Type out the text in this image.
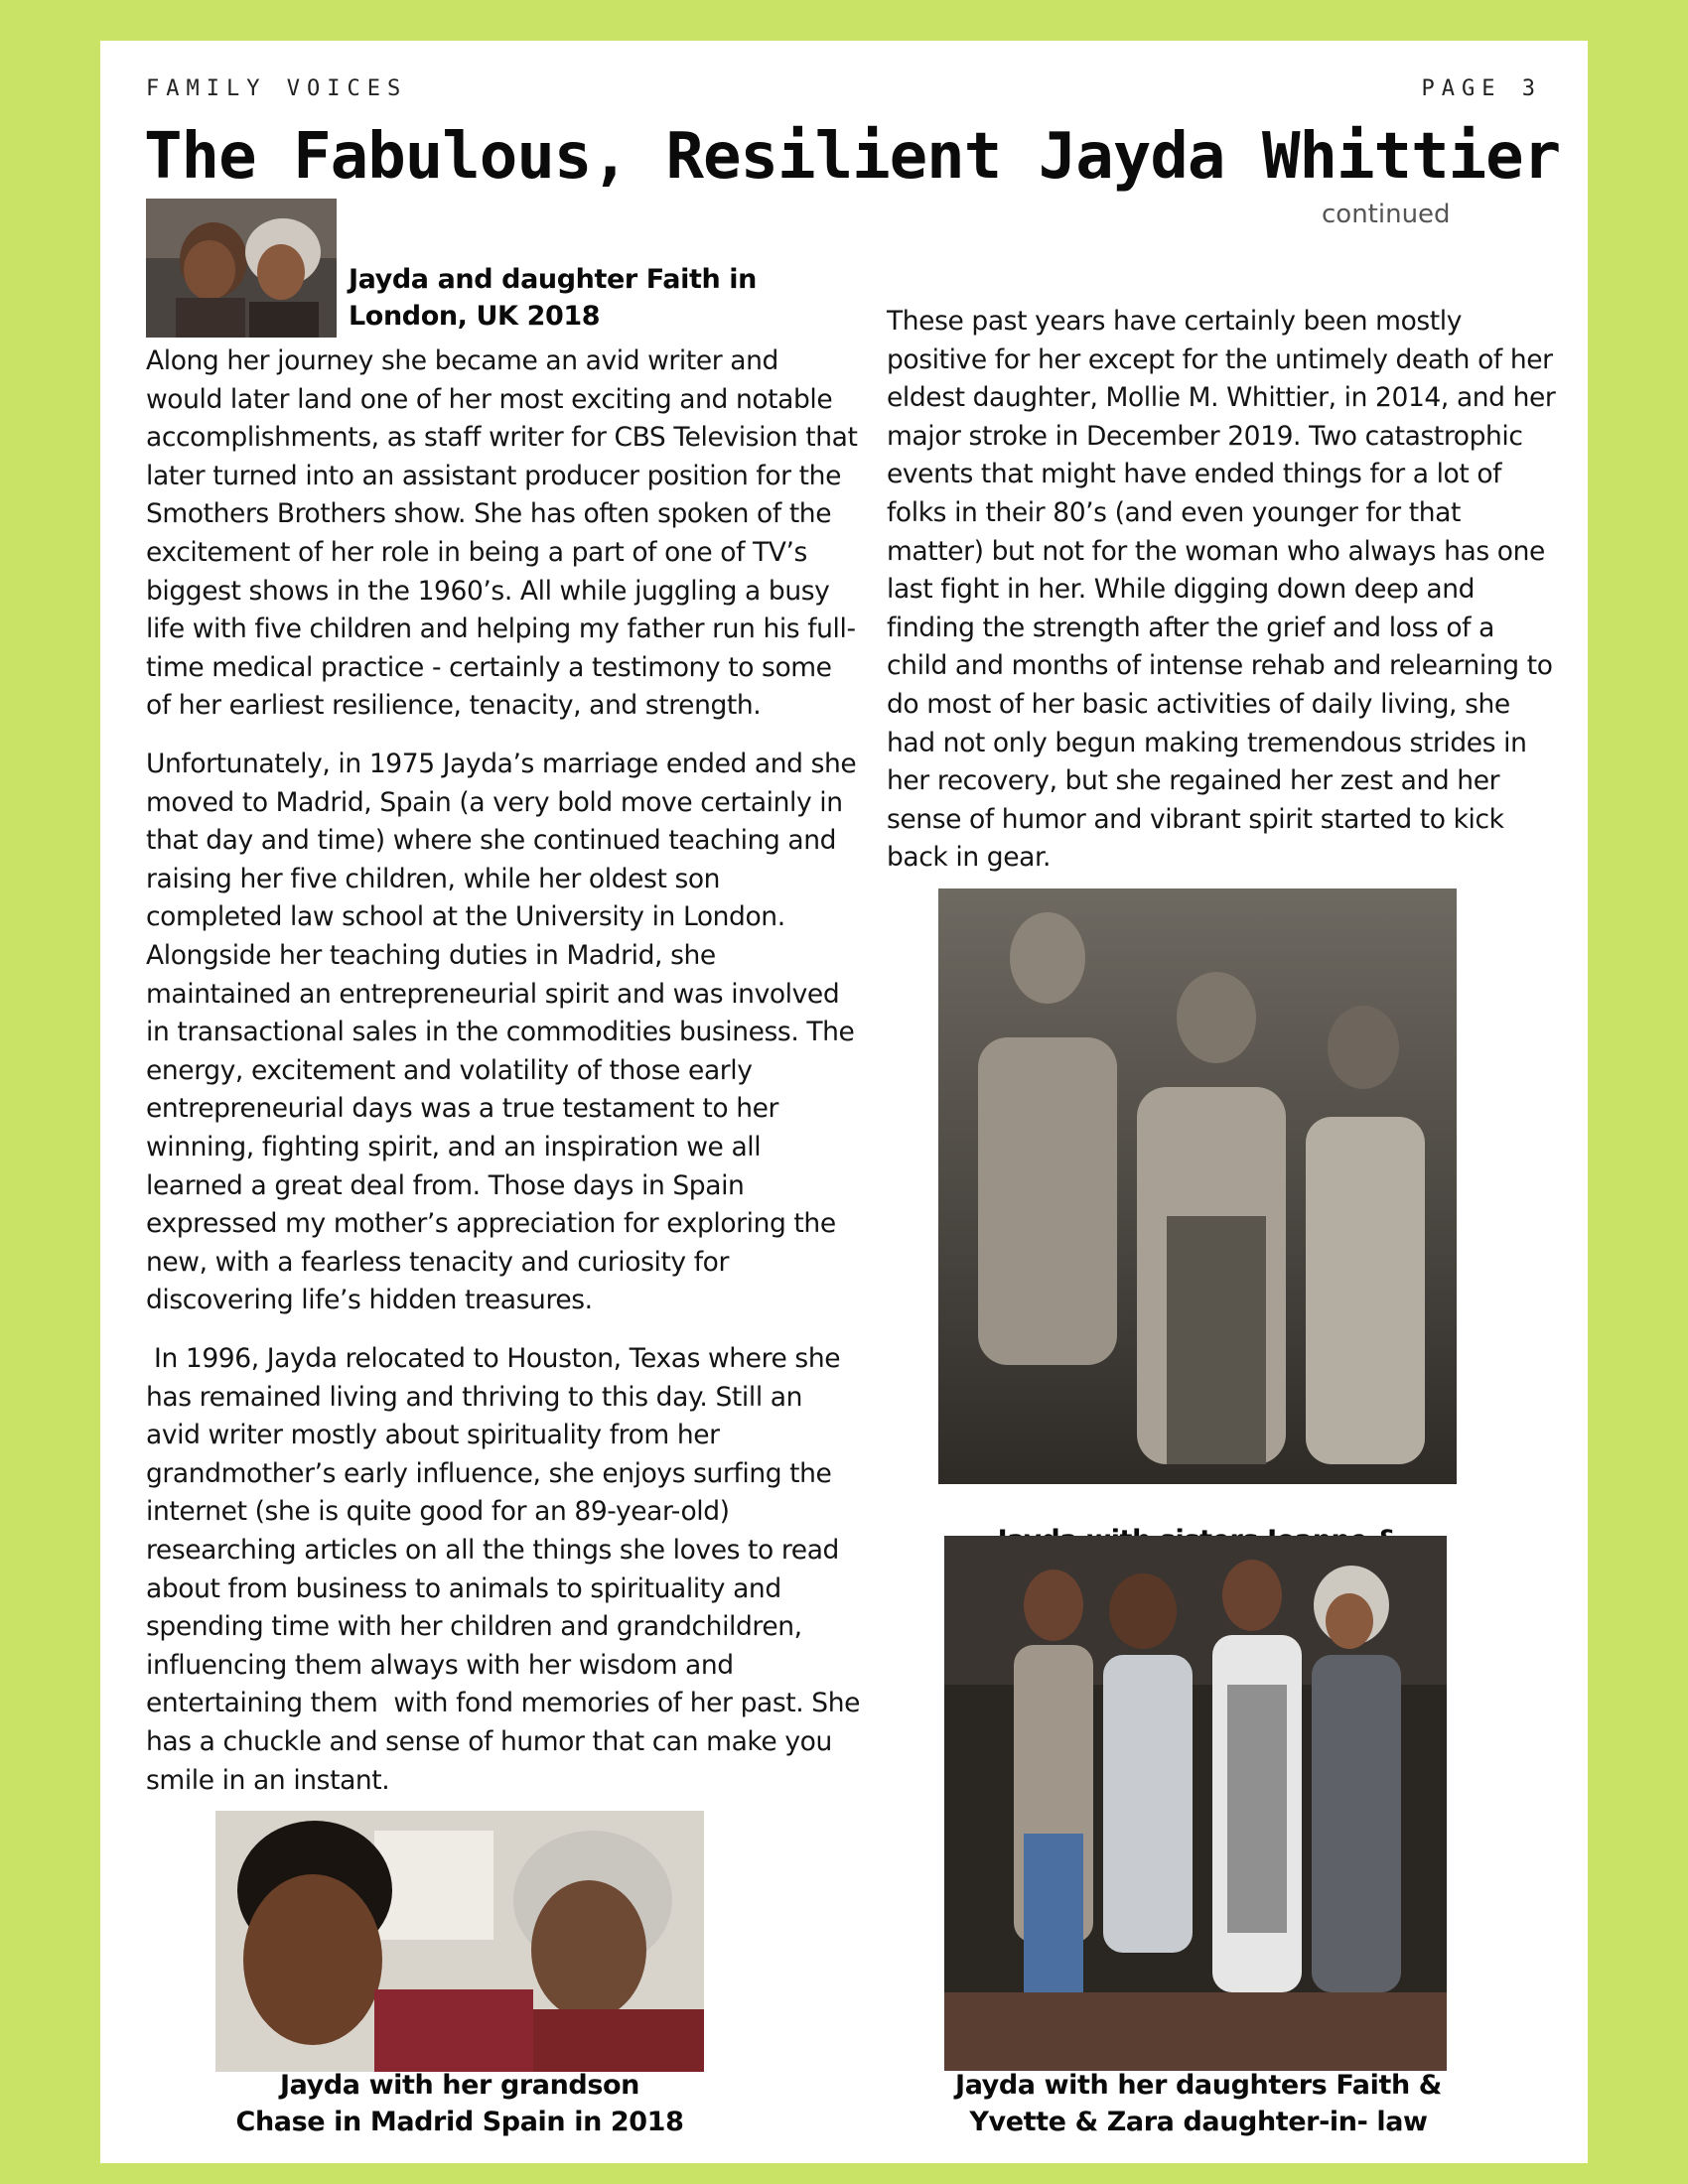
FAMILY VOICES	PAGE 3
The Fabulous, Resilient Jayda Whittier
continued
Jayda and daughter Faith in
London, UK 2018

Along her journey she became an avid writer and would later land one of her most exciting and notable accomplishments, as staff writer for CBS Television that later turned into an assistant producer position for the Smothers Brothers show. She has often spoken of the excitement of her role in being a part of one of TV’s biggest shows in the 1960’s. All while juggling a busy life with five children and helping my father run his full-time medical practice - certainly a testimony to some of her earliest resilience, tenacity, and strength.

Unfortunately, in 1975 Jayda’s marriage ended and she moved to Madrid, Spain (a very bold move certainly in that day and time) where she continued teaching and raising her five children, while her oldest son completed law school at the University in London. Alongside her teaching duties in Madrid, she maintained an entrepreneurial spirit and was involved in transactional sales in the commodities business. The energy, excitement and volatility of those early entrepreneurial days was a true testament to her winning, fighting spirit, and an inspiration we all learned a great deal from. Those days in Spain expressed my mother’s appreciation for exploring the new, with a fearless tenacity and curiosity for discovering life’s hidden treasures.

In 1996, Jayda relocated to Houston, Texas where she has remained living and thriving to this day. Still an avid writer mostly about spirituality from her grandmother’s early influence, she enjoys surfing the internet (she is quite good for an 89-year-old) researching articles on all the things she loves to read about from business to animals to spirituality and spending time with her children and grandchildren, influencing them always with her wisdom and entertaining them  with fond memories of her past. She has a chuckle and sense of humor that can make you smile in an instant.

These past years have certainly been mostly positive for her except for the untimely death of her eldest daughter, Mollie M. Whittier, in 2014, and her major stroke in December 2019. Two catastrophic events that might have ended things for a lot of folks in their 80’s (and even younger for that matter) but not for the woman who always has one last fight in her. While digging down deep and finding the strength after the grief and loss of a child and months of intense rehab and relearning to do most of her basic activities of daily living, she had not only begun making tremendous strides in her recovery, but she regained her zest and her sense of humor and vibrant spirit started to kick back in gear.

Jayda with her grandson
Chase in Madrid Spain in 2018
Jayda with her daughters Faith &
Yvette & Zara daughter-in- law
